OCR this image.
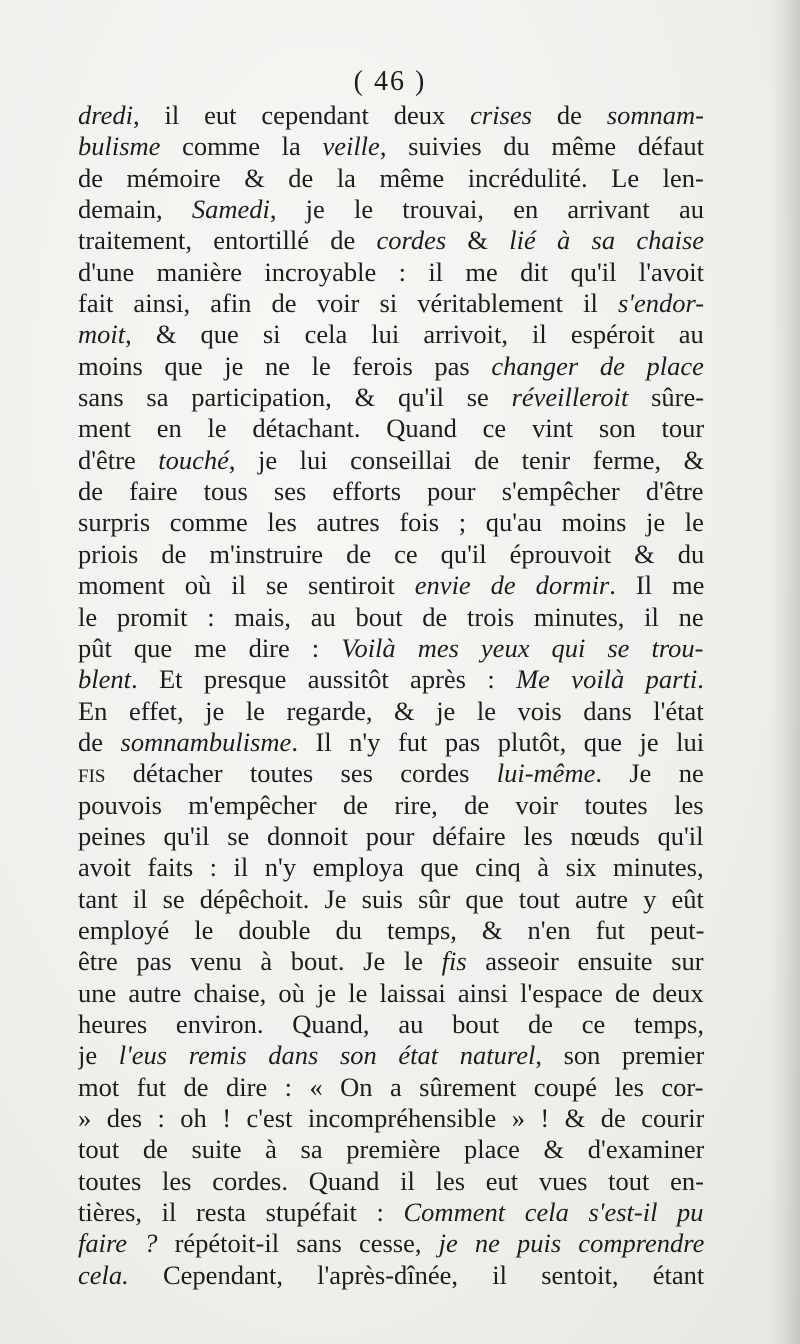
( 46 )
dredi, il eut cependant deux crises de somnam-
bulisme comme la veille, suivies du même défaut
de mémoire & de la même incrédulité. Le len-
demain, Samedi, je le trouvai, en arrivant au
traitement, entortillé de cordes & lié à sa chaise
d'une manière incroyable : il me dit qu'il l'avoit
fait ainsi, afin de voir si véritablement il s'endor-
moit, & que si cela lui arrivoit, il espéroit au
moins que je ne le ferois pas changer de place
sans sa participation, & qu'il se réveilleroit sûre-
ment en le détachant. Quand ce vint son tour
d'être touché, je lui conseillai de tenir ferme, &
de faire tous ses efforts pour s'empêcher d'être
surpris comme les autres fois ; qu'au moins je le
priois de m'instruire de ce qu'il éprouvoit & du
moment où il se sentiroit envie de dormir. Il me
le promit : mais, au bout de trois minutes, il ne
pût que me dire : Voilà mes yeux qui se trou-
blent. Et presque aussitôt après : Me voilà parti.
En effet, je le regarde, & je le vois dans l'état
de somnambulisme. Il n'y fut pas plutôt, que je lui
fis détacher toutes ses cordes lui-même. Je ne
pouvois m'empêcher de rire, de voir toutes les
peines qu'il se donnoit pour défaire les nœuds qu'il
avoit faits : il n'y employa que cinq à six minutes,
tant il se dépêchoit. Je suis sûr que tout autre y eût
employé le double du temps, & n'en fut peut-
être pas venu à bout. Je le fis asseoir ensuite sur
une autre chaise, où je le laissai ainsi l'espace de deux
heures environ. Quand, au bout de ce temps,
je l'eus remis dans son état naturel, son premier
mot fut de dire : « On a sûrement coupé les cor-
» des : oh ! c'est incompréhensible » ! & de courir
tout de suite à sa première place & d'examiner
toutes les cordes. Quand il les eut vues tout en-
tières, il resta stupéfait : Comment cela s'est-il pu
faire ? répétoit-il sans cesse, je ne puis comprendre
cela. Cependant, l'après-dînée, il sentoit, étant
